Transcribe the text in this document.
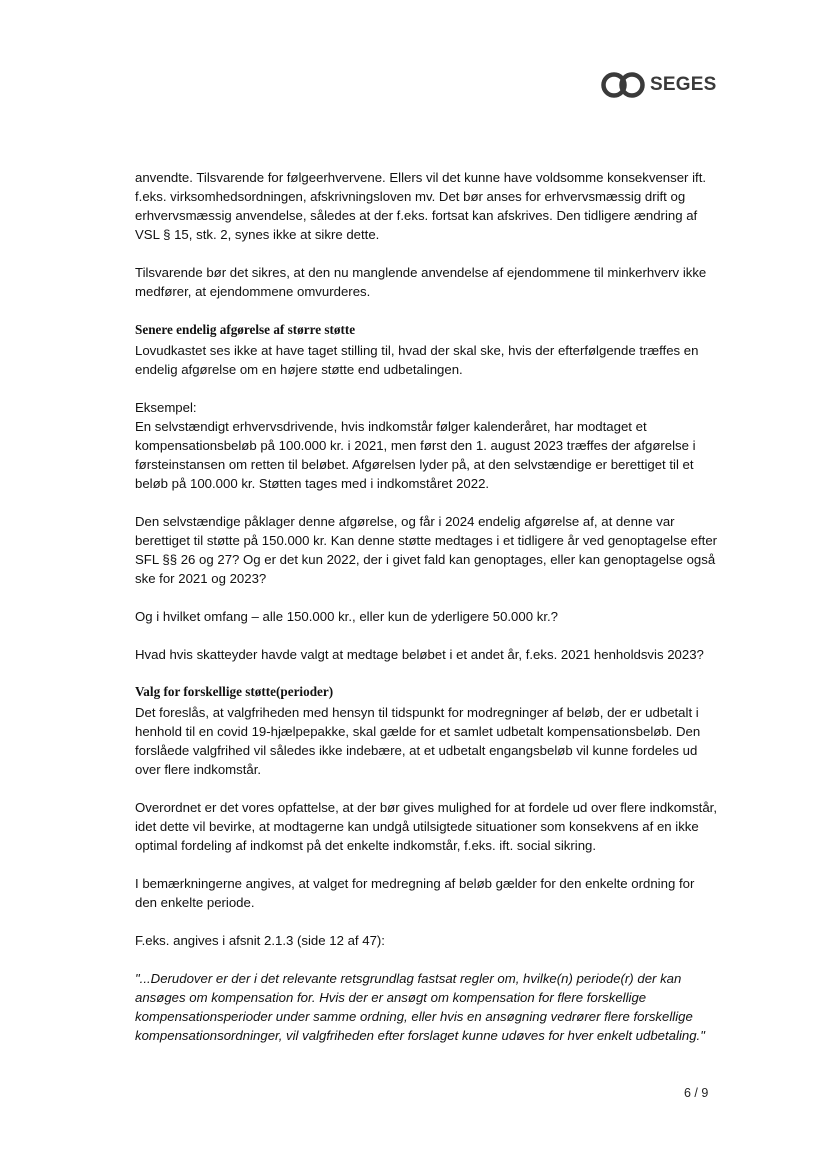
SEGES

anvendte. Tilsvarende for følgeerhvervene. Ellers vil det kunne have voldsomme konsekvenser ift. f.eks. virksomhedsordningen, afskrivningsloven mv. Det bør anses for erhvervsmæssig drift og erhvervsmæssig anvendelse, således at der f.eks. fortsat kan afskrives. Den tidligere ændring af VSL § 15, stk. 2, synes ikke at sikre dette.

Tilsvarende bør det sikres, at den nu manglende anvendelse af ejendommene til minkerhverv ikke medfører, at ejendommene omvurderes.

Senere endelig afgørelse af større støtte

Lovudkastet ses ikke at have taget stilling til, hvad der skal ske, hvis der efterfølgende træffes en endelig afgørelse om en højere støtte end udbetalingen.

Eksempel:

En selvstændigt erhvervsdrivende, hvis indkomstår følger kalenderåret, har modtaget et kompensationsbeløb på 100.000 kr. i 2021, men først den 1. august 2023 træffes der afgørelse i førsteinstansen om retten til beløbet. Afgørelsen lyder på, at den selvstændige er berettiget til et beløb på 100.000 kr. Støtten tages med i indkomståret 2022.

Den selvstændige påklager denne afgørelse, og får i 2024 endelig afgørelse af, at denne var berettiget til støtte på 150.000 kr. Kan denne støtte medtages i et tidligere år ved genoptagelse efter SFL §§ 26 og 27? Og er det kun 2022, der i givet fald kan genoptages, eller kan genoptagelse også ske for 2021 og 2023?

Og i hvilket omfang – alle 150.000 kr., eller kun de yderligere 50.000 kr.?

Hvad hvis skatteyder havde valgt at medtage beløbet i et andet år, f.eks. 2021 henholdsvis 2023?

Valg for forskellige støtte(perioder)

Det foreslås, at valgfriheden med hensyn til tidspunkt for modregninger af beløb, der er udbetalt i henhold til en covid 19-hjælpepakke, skal gælde for et samlet udbetalt kompensationsbeløb. Den forslåede valgfrihed vil således ikke indebære, at et udbetalt engangsbeløb vil kunne fordeles ud over flere indkomstår.

Overordnet er det vores opfattelse, at der bør gives mulighed for at fordele ud over flere indkomstår, idet dette vil bevirke, at modtagerne kan undgå utilsigtede situationer som konsekvens af en ikke optimal fordeling af indkomst på det enkelte indkomstår, f.eks. ift. social sikring.

I bemærkningerne angives, at valget for medregning af beløb gælder for den enkelte ordning for den enkelte periode.

F.eks. angives i afsnit 2.1.3 (side 12 af 47):

"...Derudover er der i det relevante retsgrundlag fastsat regler om, hvilke(n) periode(r) der kan ansøges om kompensation for. Hvis der er ansøgt om kompensation for flere forskellige kompensationsperioder under samme ordning, eller hvis en ansøgning vedrører flere forskellige kompensationsordninger, vil valgfriheden efter forslaget kunne udøves for hver enkelt udbetaling."

6 / 9
